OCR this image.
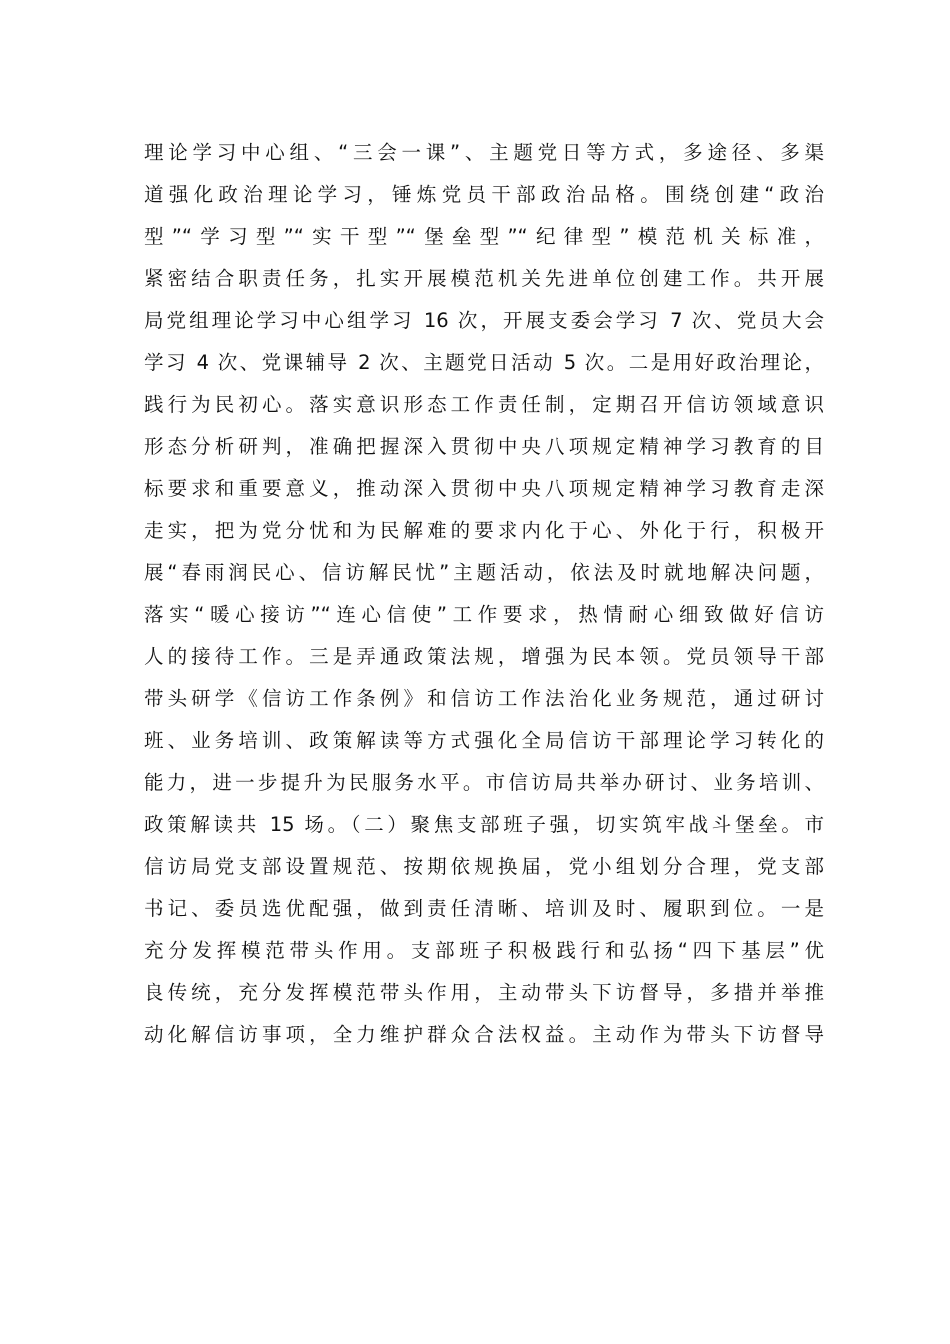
理论学习中心组、“三会一课”、主题党日等方式，多途径、多渠
道强化政治理论学习，锤炼党员干部政治品格。围绕创建“政治
型”“学习型”“实干型”“堡垒型”“纪律型”模范机关标准，
紧密结合职责任务，扎实开展模范机关先进单位创建工作。共开展
局党组理论学习中心组学习 16 次，开展支委会学习 7 次、党员大会
学习 4 次、党课辅导 2 次、主题党日活动 5 次。二是用好政治理论，
践行为民初心。落实意识形态工作责任制，定期召开信访领域意识
形态分析研判，准确把握深入贯彻中央八项规定精神学习教育的目
标要求和重要意义，推动深入贯彻中央八项规定精神学习教育走深
走实，把为党分忧和为民解难的要求内化于心、外化于行，积极开
展“春雨润民心、信访解民忧”主题活动，依法及时就地解决问题，
落实“暖心接访”“连心信使”工作要求，热情耐心细致做好信访
人的接待工作。三是弄通政策法规，增强为民本领。党员领导干部
带头研学《信访工作条例》和信访工作法治化业务规范，通过研讨
班、业务培训、政策解读等方式强化全局信访干部理论学习转化的
能力，进一步提升为民服务水平。市信访局共举办研讨、业务培训、
政策解读共 15 场。（二）聚焦支部班子强，切实筑牢战斗堡垒。市
信访局党支部设置规范、按期依规换届，党小组划分合理，党支部
书记、委员选优配强，做到责任清晰、培训及时、履职到位。一是
充分发挥模范带头作用。支部班子积极践行和弘扬“四下基层”优
良传统，充分发挥模范带头作用，主动带头下访督导，多措并举推
动化解信访事项，全力维护群众合法权益。主动作为带头下访督导
